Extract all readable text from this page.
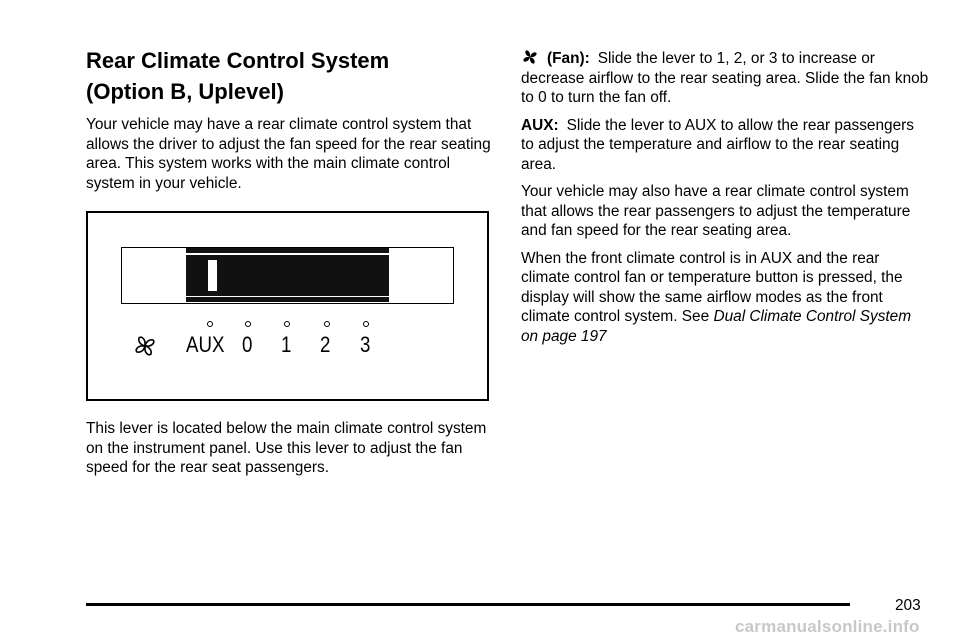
Rear Climate Control System
(Option B, Uplevel)

Your vehicle may have a rear climate control system that allows the driver to adjust the fan speed for the rear seating area. This system works with the main climate control system in your vehicle.

AUX 0 1 2 3

This lever is located below the main climate control system on the instrument panel. Use this lever to adjust the fan speed for the rear seat passengers.

(Fan): Slide the lever to 1, 2, or 3 to increase or decrease airflow to the rear seating area. Slide the fan knob to 0 to turn the fan off.

AUX: Slide the lever to AUX to allow the rear passengers to adjust the temperature and airflow to the rear seating area.

Your vehicle may also have a rear climate control system that allows the rear passengers to adjust the temperature and fan speed for the rear seating area.

When the front climate control is in AUX and the rear climate control fan or temperature button is pressed, the display will show the same airflow modes as the front climate control system. See Dual Climate Control System on page 197

203
carmanualsonline.info
